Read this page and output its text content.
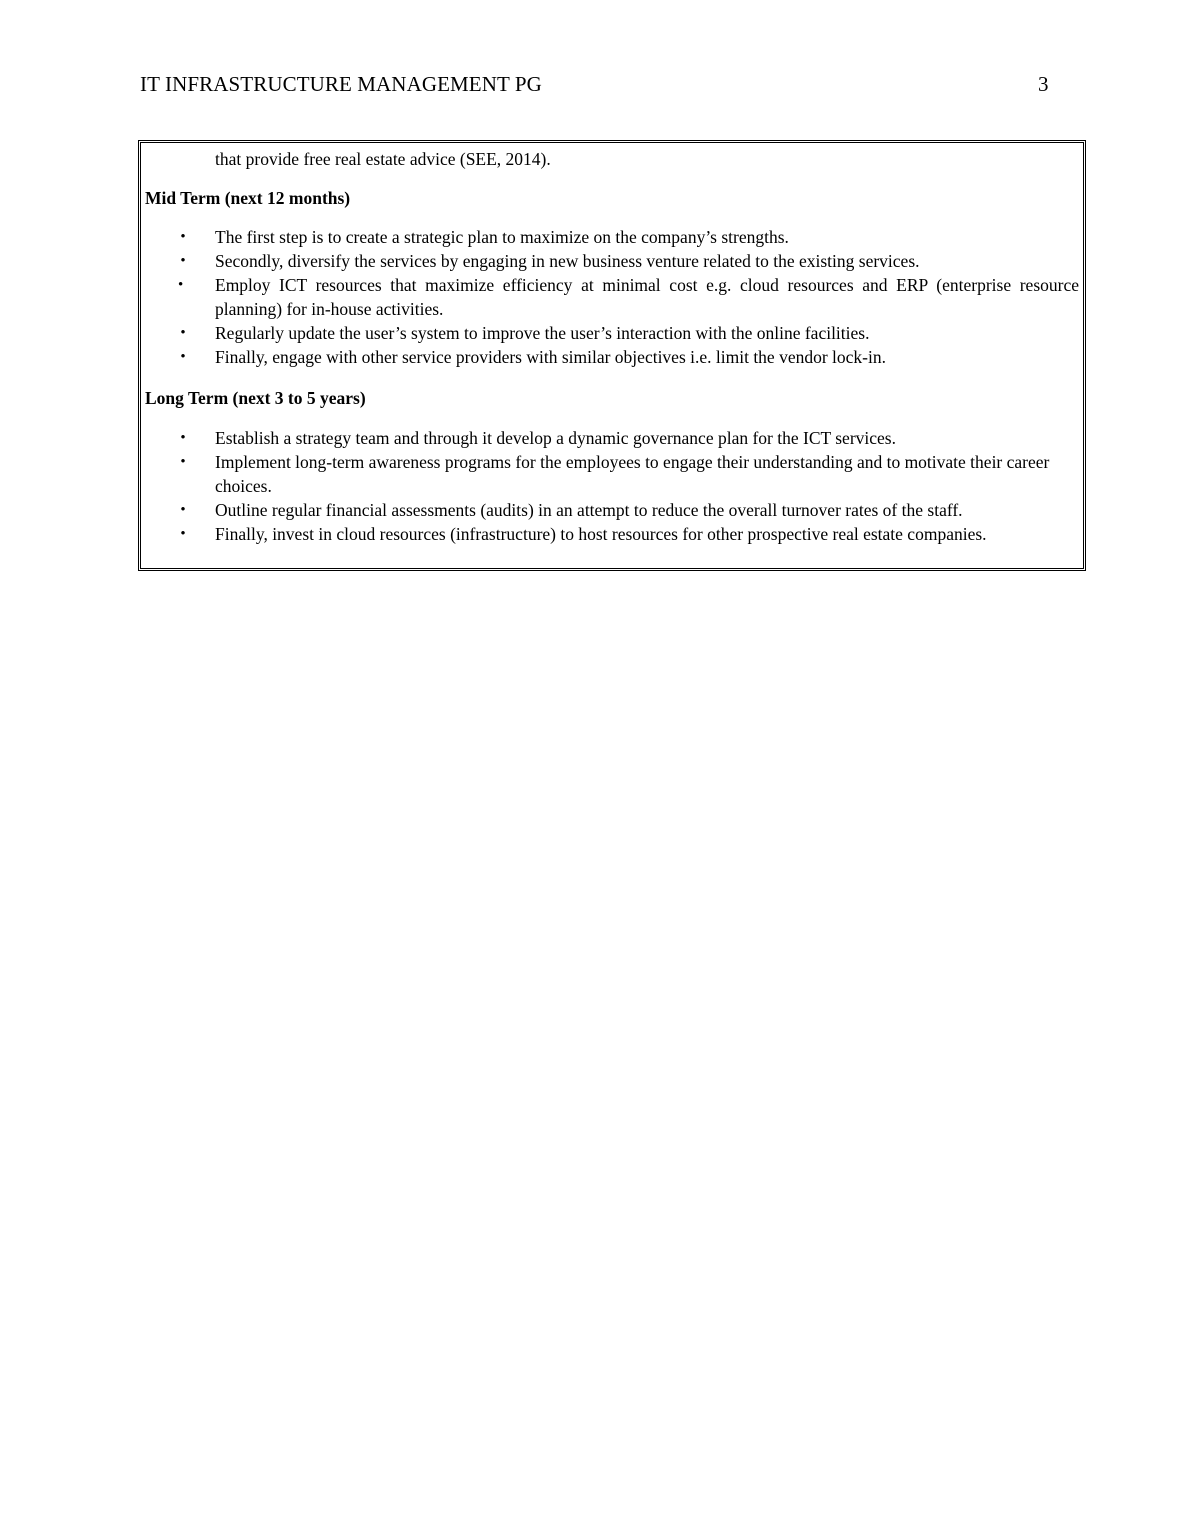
IT INFRASTRUCTURE MANAGEMENT PG	3
that provide free real estate advice (SEE, 2014).
Mid Term (next 12 months)
• The first step is to create a strategic plan to maximize on the company’s strengths.
• Secondly, diversify the services by engaging in new business venture related to the existing services.
• Employ ICT resources that maximize efficiency at minimal cost e.g. cloud resources and ERP (enterprise resource planning) for in-house activities.
• Regularly update the user’s system to improve the user’s interaction with the online facilities.
• Finally, engage with other service providers with similar objectives i.e. limit the vendor lock-in.
Long Term (next 3 to 5 years)
• Establish a strategy team and through it develop a dynamic governance plan for the ICT services.
• Implement long-term awareness programs for the employees to engage their understanding and to motivate their career choices.
• Outline regular financial assessments (audits) in an attempt to reduce the overall turnover rates of the staff.
• Finally, invest in cloud resources (infrastructure) to host resources for other prospective real estate companies.
